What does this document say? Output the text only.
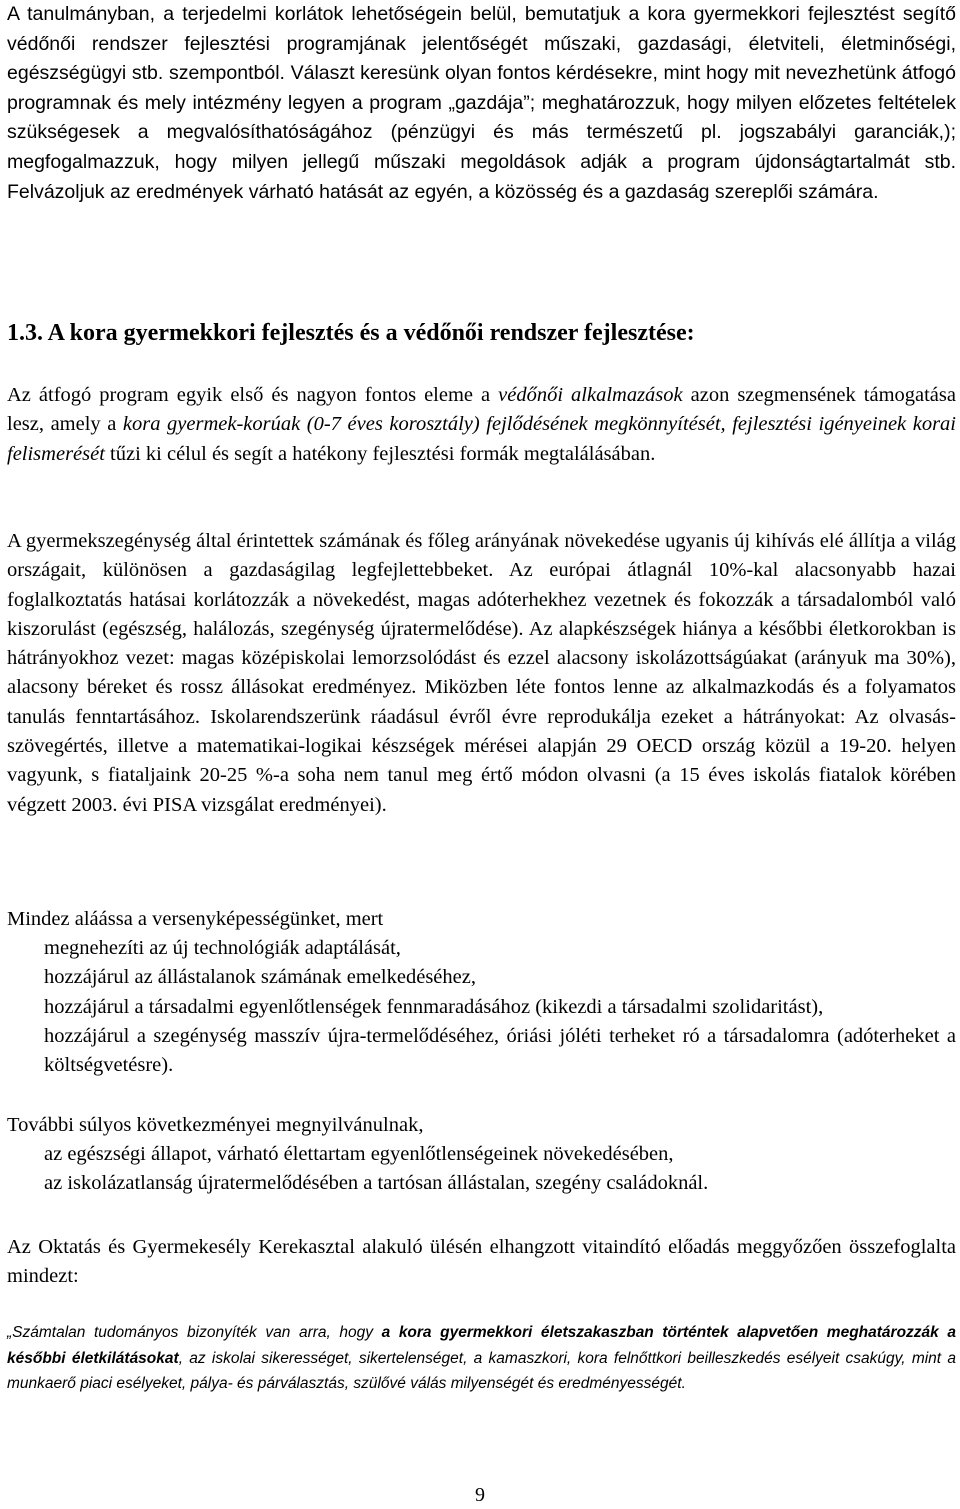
A tanulmányban, a terjedelmi korlátok lehetőségein belül, bemutatjuk a kora gyermekkori fejlesztést segítő védőnői rendszer fejlesztési programjának jelentőségét műszaki, gazdasági, életviteli, életminőségi, egészségügyi stb. szempontból. Választ keresünk olyan fontos kérdésekre, mint hogy mit nevezhetünk átfogó programnak és mely intézmény legyen a program „gazdája”; meghatározzuk, hogy milyen előzetes feltételek szükségesek a megvalósíthatóságához (pénzügyi és más természetű pl. jogszabályi garanciák,); megfogalmazzuk, hogy milyen jellegű műszaki megoldások adják a program újdonságtartalmát stb. Felvázoljuk az eredmények várható hatását az egyén, a közösség és a gazdaság szereplői számára.

1.3. A kora gyermekkori fejlesztés és a védőnői rendszer fejlesztése:

Az átfogó program egyik első és nagyon fontos eleme a védőnői alkalmazások azon szegmensének támogatása lesz, amely a kora gyermek-korúak (0-7 éves korosztály) fejlődésének megkönnyítését, fejlesztési igényeinek korai felismerését tűzi ki célul és segít a hatékony fejlesztési formák megtalálásában.

A gyermekszegénység által érintettek számának és főleg arányának növekedése ugyanis új kihívás elé állítja a világ országait, különösen a gazdaságilag legfejlettebbeket. Az európai átlagnál 10%-kal alacsonyabb hazai foglalkoztatás hatásai korlátozzák a növekedést, magas adóterhekhez vezetnek és fokozzák a társadalomból való kiszorulást (egészség, halálozás, szegénység újratermelődése). Az alapkészségek hiánya a későbbi életkorokban is hátrányokhoz vezet: magas középiskolai lemorzsolódást és ezzel alacsony iskolázottságúakat (arányuk ma 30%), alacsony béreket és rossz állásokat eredményez. Miközben léte fontos lenne az alkalmazkodás és a folyamatos tanulás fenntartásához. Iskolarendszerünk ráadásul évről évre reprodukálja ezeket a hátrányokat: Az olvasás-szövegértés, illetve a matematikai-logikai készségek mérései alapján 29 OECD ország közül a 19-20. helyen vagyunk, s fiataljaink 20-25 %-a soha nem tanul meg értő módon olvasni (a 15 éves iskolás fiatalok körében végzett 2003. évi PISA vizsgálat eredményei).

Mindez aláássa a versenyképességünket, mert

megnehezíti az új technológiák adaptálását,
hozzájárul az állástalanok számának emelkedéséhez,
hozzájárul a társadalmi egyenlőtlenségek fennmaradásához (kikezdi a társadalmi szolidaritást),
hozzájárul a szegénység masszív újra-termelődéséhez, óriási jóléti terheket ró a társadalomra (adóterheket a költségvetésre).

További súlyos következményei megnyilvánulnak,

az egészségi állapot, várható élettartam egyenlőtlenségeinek növekedésében,
az iskolázatlanság újratermelődésében a tartósan állástalan, szegény családoknál.

Az Oktatás és Gyermekesély Kerekasztal alakuló ülésén elhangzott vitaindító előadás meggyőzően összefoglalta mindezt:

„Számtalan tudományos bizonyíték van arra, hogy a kora gyermekkori életszakaszban történtek alapvetően meghatározzák a későbbi életkilátásokat, az iskolai sikerességet, sikertelenséget, a kamaszkori, kora felnőttkori beilleszkedés esélyeit csakúgy, mint a munkaerő piaci esélyeket, pálya- és párválasztás, szülővé válás milyenségét és eredményességét.

9
